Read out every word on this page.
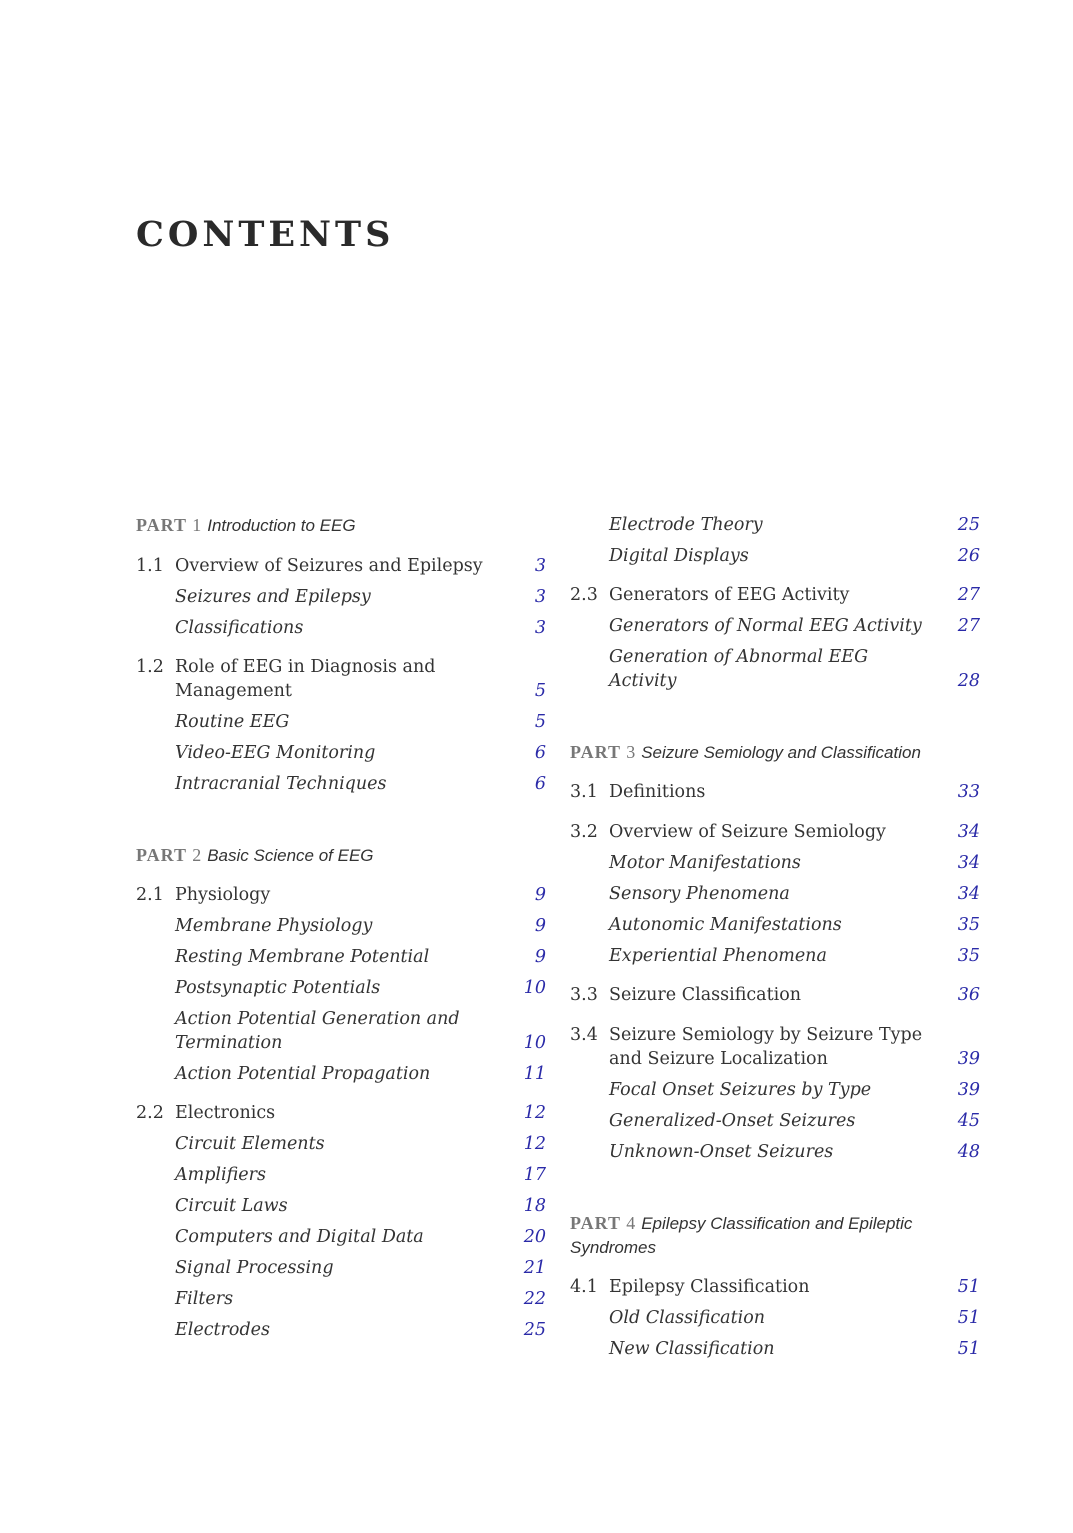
CONTENTS
PART 1 Introduction to EEG
1.1 Overview of Seizures and Epilepsy	3
Seizures and Epilepsy	3
Classifications	3
1.2 Role of EEG in Diagnosis and Management	5
Routine EEG	5
Video-EEG Monitoring	6
Intracranial Techniques	6
PART 2 Basic Science of EEG
2.1 Physiology	9
Membrane Physiology	9
Resting Membrane Potential	9
Postsynaptic Potentials	10
Action Potential Generation and Termination	10
Action Potential Propagation	11
2.2 Electronics	12
Circuit Elements	12
Amplifiers	17
Circuit Laws	18
Computers and Digital Data	20
Signal Processing	21
Filters	22
Electrodes	25
Electrode Theory	25
Digital Displays	26
2.3 Generators of EEG Activity	27
Generators of Normal EEG Activity	27
Generation of Abnormal EEG Activity	28
PART 3 Seizure Semiology and Classification
3.1 Definitions	33
3.2 Overview of Seizure Semiology	34
Motor Manifestations	34
Sensory Phenomena	34
Autonomic Manifestations	35
Experiential Phenomena	35
3.3 Seizure Classification	36
3.4 Seizure Semiology by Seizure Type and Seizure Localization	39
Focal Onset Seizures by Type	39
Generalized-Onset Seizures	45
Unknown-Onset Seizures	48
PART 4 Epilepsy Classification and Epileptic Syndromes
4.1 Epilepsy Classification	51
Old Classification	51
New Classification	51
